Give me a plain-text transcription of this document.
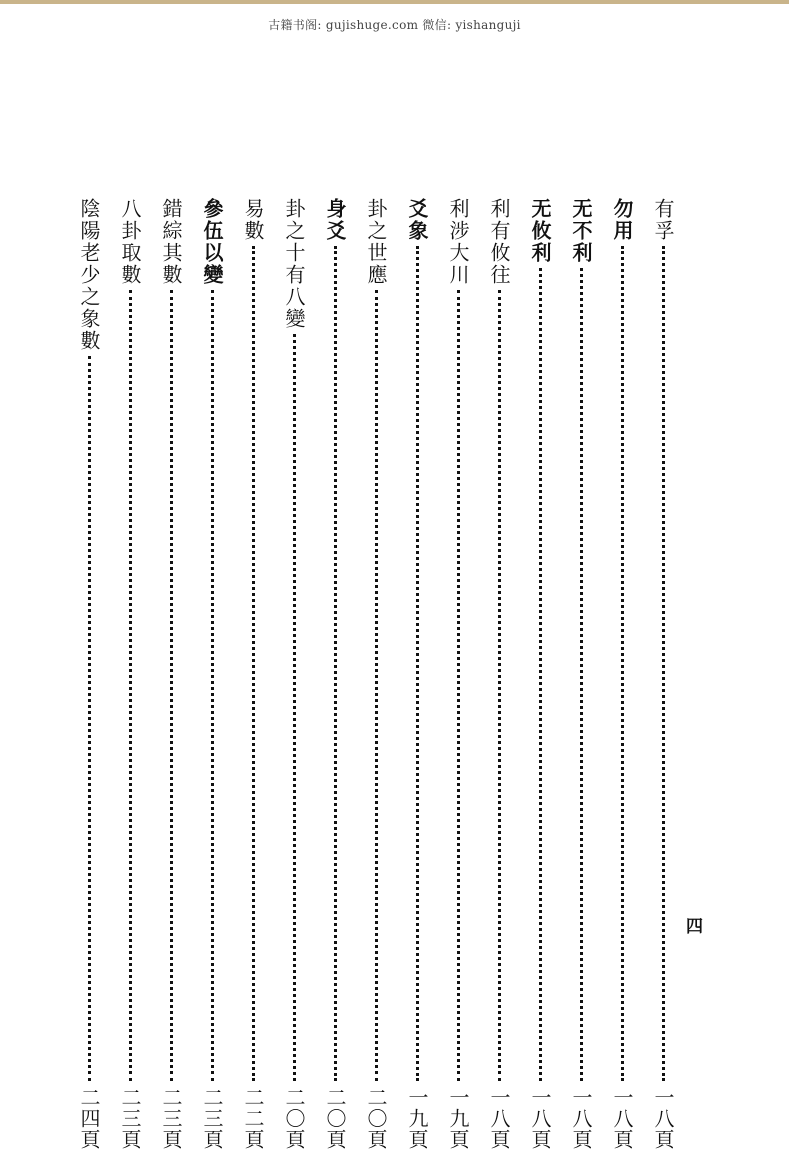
古籍书阁: gujishuge.com 微信: yishanguji
四
有孚
一八頁
勿用
一八頁
无不利
一八頁
无攸利
一八頁
利有攸往
一八頁
利涉大川
一九頁
爻象
一九頁
卦之世應
二〇頁
身爻
二〇頁
卦之十有八變
二〇頁
易數
二二頁
參伍以變
二三頁
錯綜其數
二三頁
八卦取數
二三頁
陰陽老少之象數
二四頁
